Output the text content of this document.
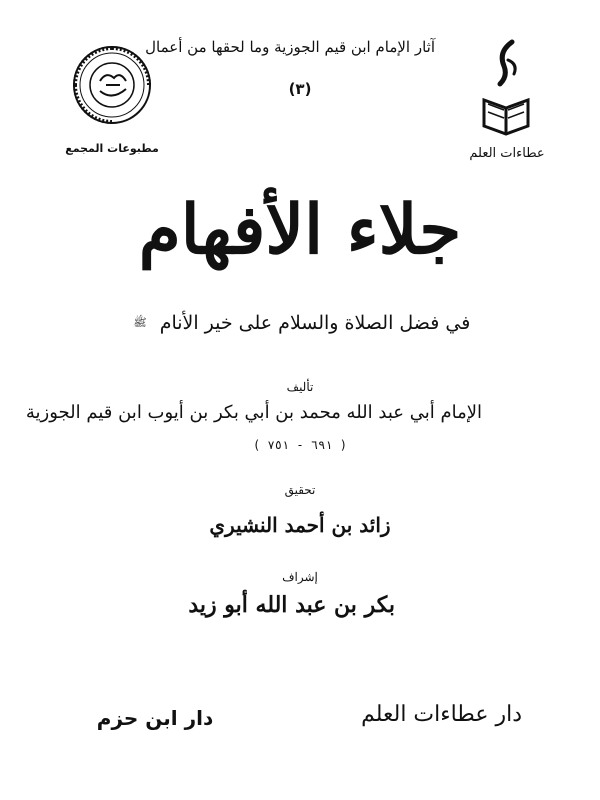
مطبوعات المجمع
آثار الإمام ابن قيم الجوزية وما لحقها من أعمال
(٣)
عطاءات العلم
جلاء الأفهام
في فضل الصلاة والسلام على خير الأنام
ﷺ
تأليف
الإمام أبي عبد الله محمد بن أبي بكر بن أيوب ابن قيم الجوزية
( ٦٩١ - ٧٥١ )
تحقيق
زائد بن أحمد النشيري
إشراف
بكر بن عبد الله أبو زيد
دار ابن حزم	دار عطاءات العلم
